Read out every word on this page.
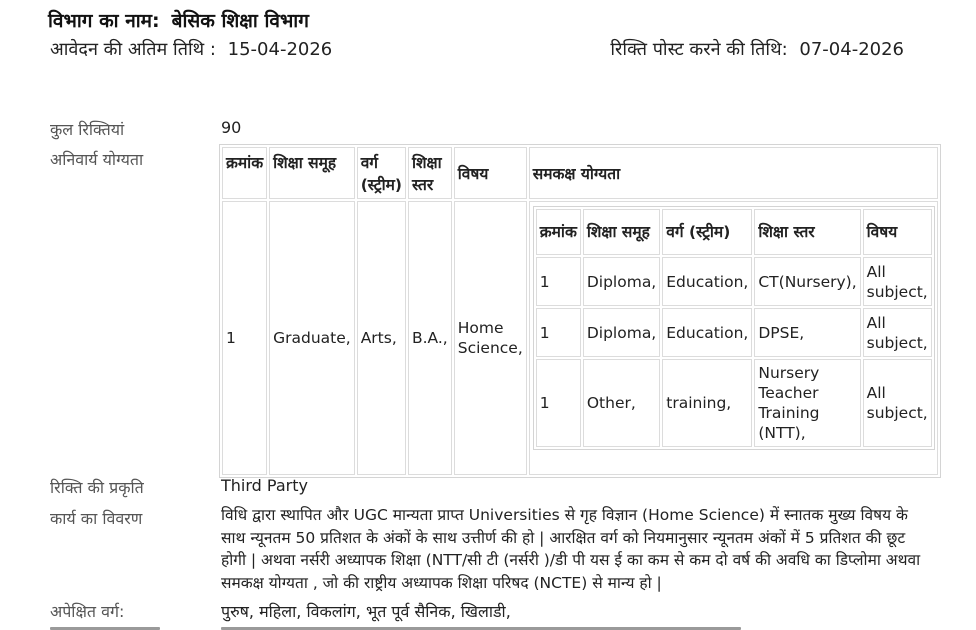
विभाग का नाम: बेसिक शिक्षा विभाग
आवेदन की अतिम तिथि : 15-04-2026	रिक्ति पोस्ट करने की तिथि: 07-04-2026
कुल रिक्तियां	90
अनिवार्य योग्यता	क्रमांक	शिक्षा समूह	वर्ग (स्ट्रीम)	शिक्षा स्तर	विषय	समकक्ष योग्यता
1	Graduate,	Arts,	B.A.,	Home Science,	
क्रमांक	शिक्षा समूह	वर्ग (स्ट्रीम)	शिक्षा स्तर	विषय
1	Diploma,	Education,	CT(Nursery),	All subject,
1	Diploma,	Education,	DPSE,	All subject,
1	Other,	training,	Nursery Teacher Training (NTT),	All subject,
रिक्ति की प्रकृति	Third Party
कार्य का विवरण	विधि द्वारा स्थापित और UGC मान्यता प्राप्त Universities से गृह विज्ञान (Home Science) में स्नातक मुख्य विषय के साथ न्यूनतम 50 प्रतिशत के अंकों के साथ उत्तीर्ण की हो | आरक्षित वर्ग को नियमानुसार न्यूनतम अंकों में 5 प्रतिशत की छूट होगी | अथवा नर्सरी अध्यापक शिक्षा (NTT/सी टी (नर्सरी )/डी पी यस ई का कम से कम दो वर्ष की अवधि का डिप्लोमा अथवा समकक्ष योग्यता , जो की राष्ट्रीय अध्यापक शिक्षा परिषद (NCTE) से मान्य हो |
अपेक्षित वर्ग:	पुरुष, महिला, विकलांग, भूत पूर्व सैनिक, खिलाडी,
